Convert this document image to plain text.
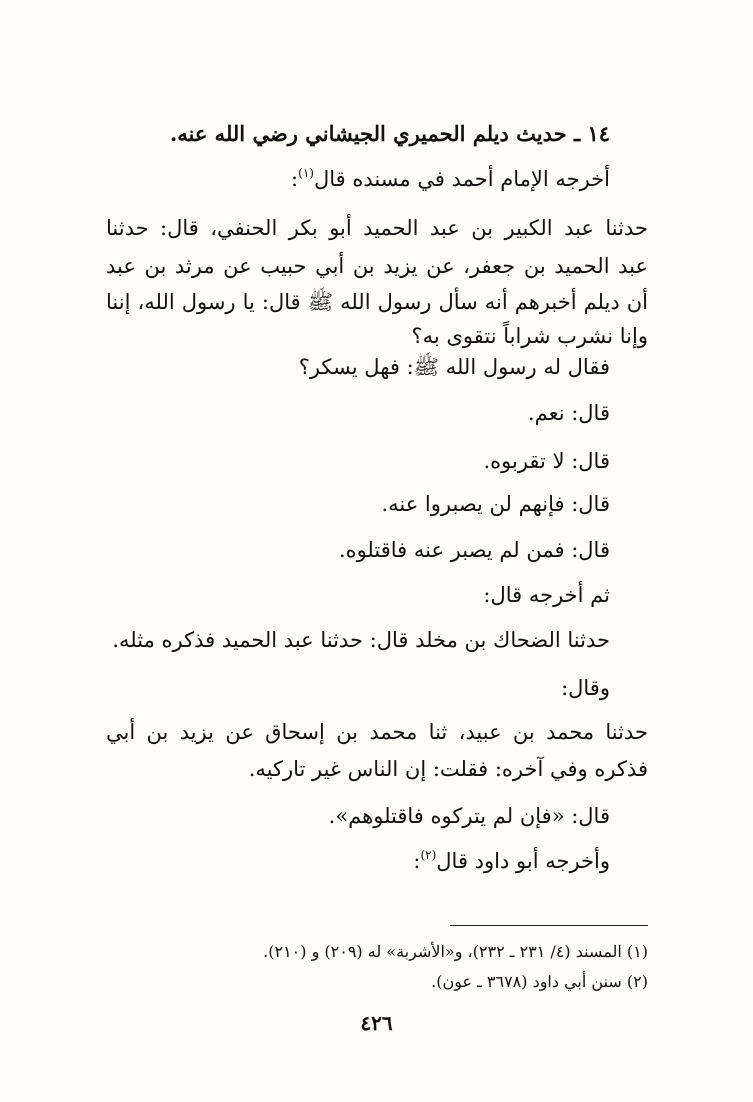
١٤ ـ حديث ديلم الحميري الجيشاني رضي الله عنه.
أخرجه الإمام أحمد في مسنده قال$^{(١)}$:
حدثنا عبد الكبير بن عبد الحميد أبو بكر الحنفي، قال: حدثنا
عبد الحميد بن جعفر، عن يزيد بن أبي حبيب عن مرثد بن عبد
أن ديلم أخبرهم أنه سأل رسول الله ﷺ قال: يا رسول الله، إننا
وإنا نشرب شراباً نتقوى به؟
فقال له رسول الله ﷺ: فهل يسكر؟
قال: نعم.
قال: لا تقربوه.
قال: فإنهم لن يصبروا عنه.
قال: فمن لم يصبر عنه فاقتلوه.
ثم أخرجه قال:
حدثنا الضحاك بن مخلد قال: حدثنا عبد الحميد فذكره مثله.
وقال:
حدثنا محمد بن عبيد، ثنا محمد بن إسحاق عن يزيد بن أبي
فذكره وفي آخره: فقلت: إن الناس غير تاركيه.
قال: «فإن لم يتركوه فاقتلوهم».
وأخرجه أبو داود قال$^{(٢)}$:
(١) المسند (٤/ ٢٣١ ـ ٢٣٢)، و«الأشربة» له (٢٠٩) و (٢١٠).
(٢) سنن أبي داود (٣٦٧٨ ـ عون).
٤٢٦
